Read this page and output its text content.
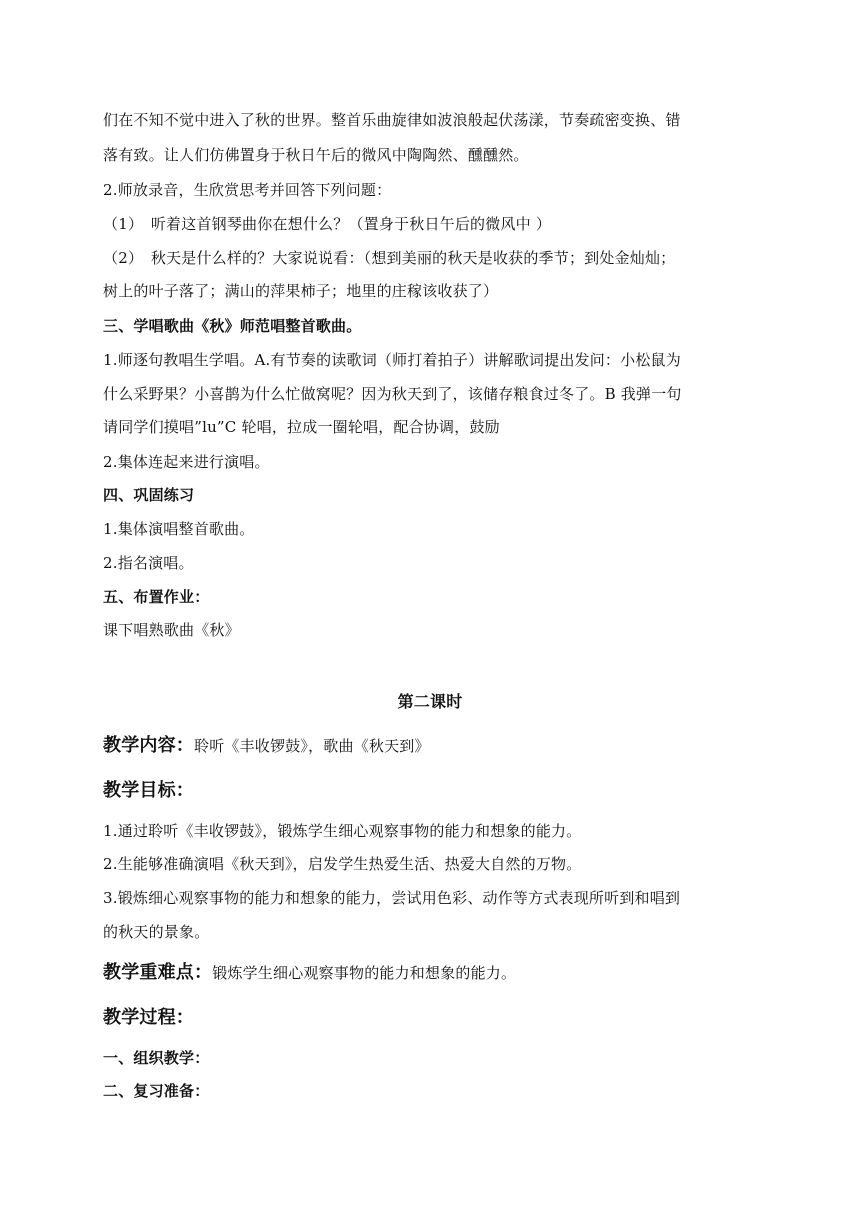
们在不知不觉中进入了秋的世界。整首乐曲旋律如波浪般起伏荡漾，节奏疏密变换、错
落有致。让人们仿佛置身于秋日午后的微风中陶陶然、醺醺然。
2.师放录音，生欣赏思考并回答下列问题：
（1）　听着这首钢琴曲你在想什么？（置身于秋日午后的微风中 ）
（2）　秋天是什么样的？大家说说看：（想到美丽的秋天是收获的季节；到处金灿灿；
树上的叶子落了；满山的萍果柿子；地里的庄稼该收获了）
三、学唱歌曲《秋》师范唱整首歌曲。
1.师逐句教唱生学唱。A.有节奏的读歌词（师打着拍子）讲解歌词提出发问：小松鼠为
什么采野果？小喜鹊为什么忙做窝呢？因为秋天到了，该储存粮食过冬了。B 我弹一句
请同学们摸唱”lu”C 轮唱，拉成一圈轮唱，配合协调，鼓励
2.集体连起来进行演唱。
四、巩固练习
1.集体演唱整首歌曲。
2.指名演唱。
五、布置作业：
课下唱熟歌曲《秋》
第二课时
教学内容：聆听《丰收锣鼓》，歌曲《秋天到》
教学目标：
1.通过聆听《丰收锣鼓》，锻炼学生细心观察事物的能力和想象的能力。
2.生能够准确演唱《秋天到》，启发学生热爱生活、热爱大自然的万物。
3.锻炼细心观察事物的能力和想象的能力，尝试用色彩、动作等方式表现所听到和唱到
的秋天的景象。
教学重难点：锻炼学生细心观察事物的能力和想象的能力。
教学过程：
一、组织教学：
二、复习准备：
